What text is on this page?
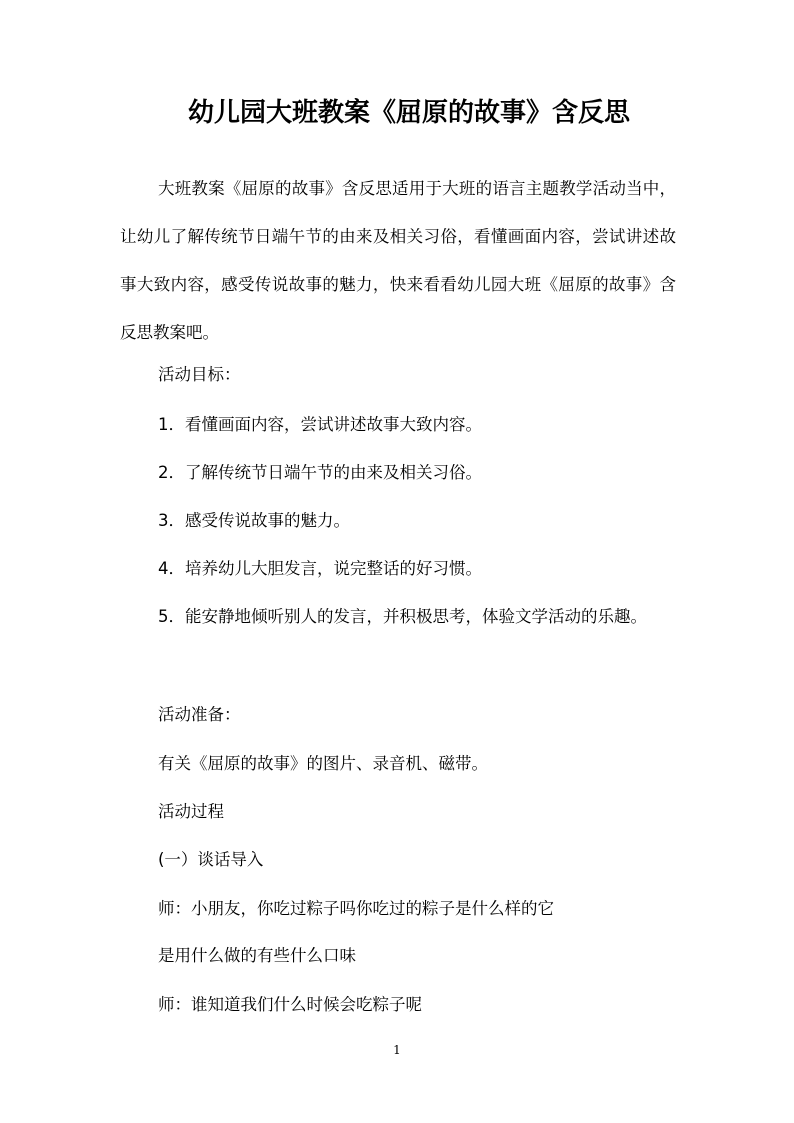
幼儿园大班教案《屈原的故事》含反思

大班教案《屈原的故事》含反思适用于大班的语言主题教学活动当中，让幼儿了解传统节日端午节的由来及相关习俗，看懂画面内容，尝试讲述故事大致内容，感受传说故事的魅力，快来看看幼儿园大班《屈原的故事》含反思教案吧。

活动目标：

1．看懂画面内容，尝试讲述故事大致内容。

2．了解传统节日端午节的由来及相关习俗。

3．感受传说故事的魅力。

4．培养幼儿大胆发言，说完整话的好习惯。

5．能安静地倾听别人的发言，并积极思考，体验文学活动的乐趣。

活动准备：

有关《屈原的故事》的图片、录音机、磁带。

活动过程

(一）谈话导入

师：小朋友，你吃过粽子吗你吃过的粽子是什么样的它

是用什么做的有些什么口味

师：谁知道我们什么时候会吃粽子呢

1
